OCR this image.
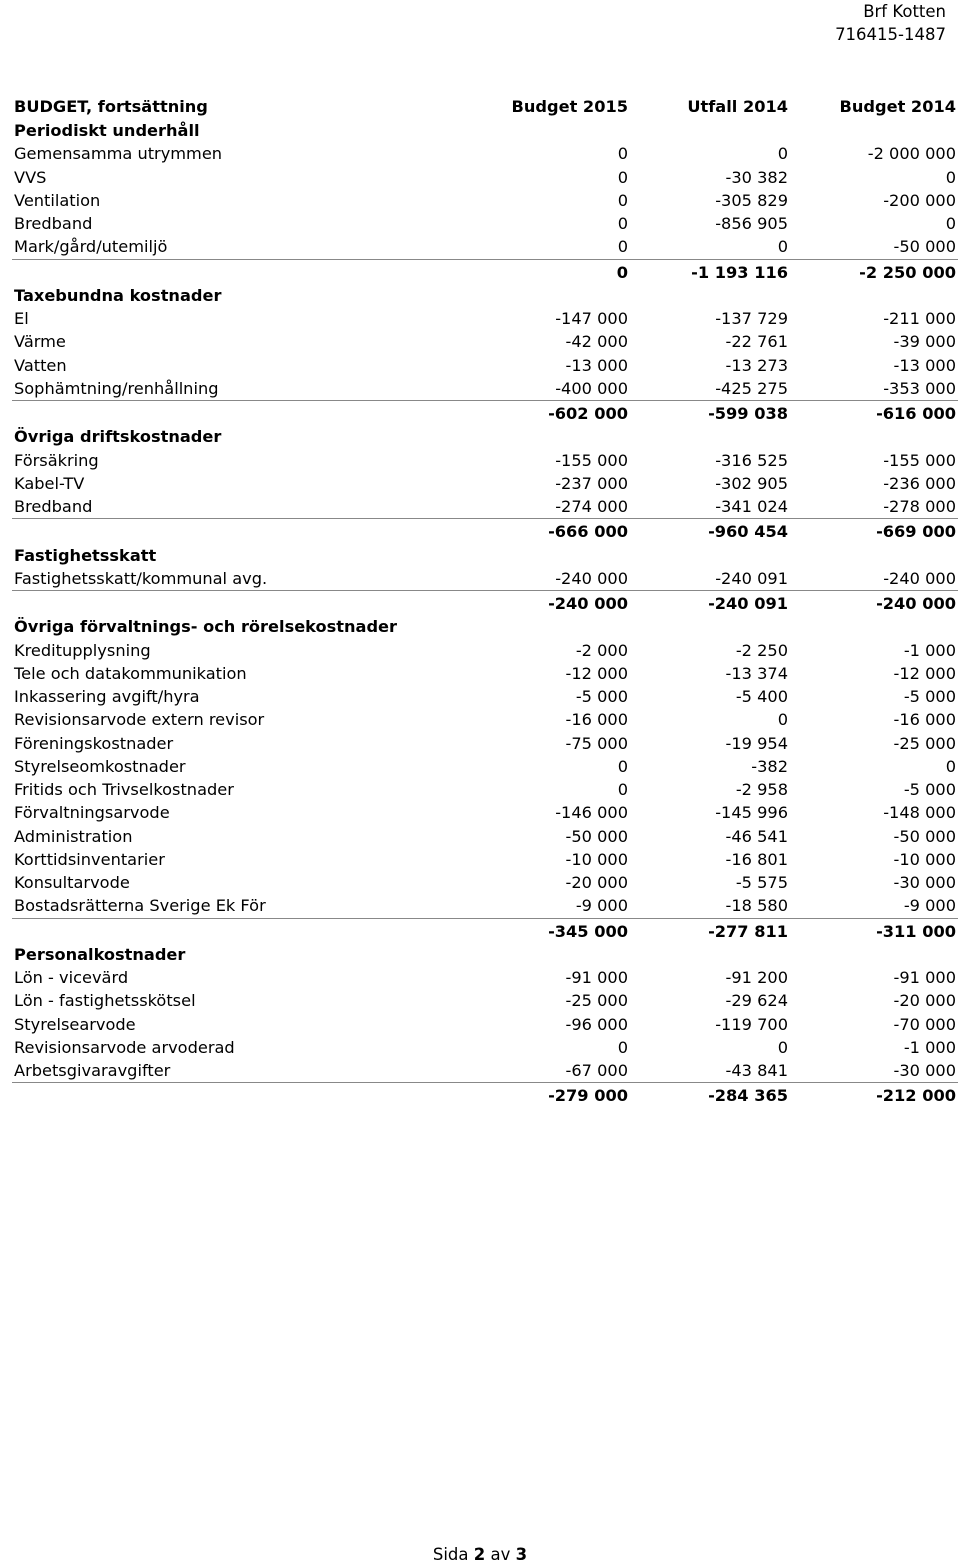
Brf Kotten
716415-1487
BUDGET, fortsättning	Budget 2015	Utfall 2014	Budget 2014
Periodiskt underhåll			
Gemensamma utrymmen	0	0	-2 000 000
VVS	0	-30 382	0
Ventilation	0	-305 829	-200 000
Bredband	0	-856 905	0
Mark/gård/utemiljö	0	0	-50 000
	0	-1 193 116	-2 250 000
Taxebundna kostnader			
El	-147 000	-137 729	-211 000
Värme	-42 000	-22 761	-39 000
Vatten	-13 000	-13 273	-13 000
Sophämtning/renhållning	-400 000	-425 275	-353 000
	-602 000	-599 038	-616 000
Övriga driftskostnader			
Försäkring	-155 000	-316 525	-155 000
Kabel-TV	-237 000	-302 905	-236 000
Bredband	-274 000	-341 024	-278 000
	-666 000	-960 454	-669 000
Fastighetsskatt			
Fastighetsskatt/kommunal avg.	-240 000	-240 091	-240 000
	-240 000	-240 091	-240 000
Övriga förvaltnings- och rörelsekostnader			
Kreditupplysning	-2 000	-2 250	-1 000
Tele och datakommunikation	-12 000	-13 374	-12 000
Inkassering avgift/hyra	-5 000	-5 400	-5 000
Revisionsarvode extern revisor	-16 000	0	-16 000
Föreningskostnader	-75 000	-19 954	-25 000
Styrelseomkostnader	0	-382	0
Fritids och Trivselkostnader	0	-2 958	-5 000
Förvaltningsarvode	-146 000	-145 996	-148 000
Administration	-50 000	-46 541	-50 000
Korttidsinventarier	-10 000	-16 801	-10 000
Konsultarvode	-20 000	-5 575	-30 000
Bostadsrätterna Sverige Ek För	-9 000	-18 580	-9 000
	-345 000	-277 811	-311 000
Personalkostnader			
Lön - vicevärd	-91 000	-91 200	-91 000
Lön - fastighetsskötsel	-25 000	-29 624	-20 000
Styrelsearvode	-96 000	-119 700	-70 000
Revisionsarvode arvoderad	0	0	-1 000
Arbetsgivaravgifter	-67 000	-43 841	-30 000
	-279 000	-284 365	-212 000
Sida 2 av 3
